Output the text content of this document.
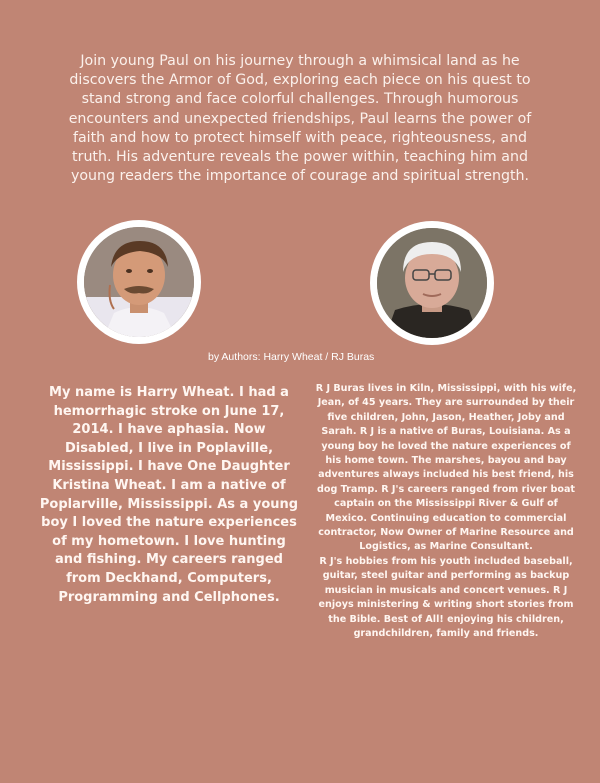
Join young Paul on his journey through a whimsical land as he discovers the Armor of God, exploring each piece on his quest to stand strong and face colorful challenges. Through humorous encounters and unexpected friendships, Paul learns the power of faith and how to protect himself with peace, righteousness, and truth. His adventure reveals the power within, teaching him and young readers the importance of courage and spiritual strength.
by Authors: Harry Wheat / RJ Buras
My name is Harry Wheat. I had a hemorrhagic stroke on June 17, 2014. I have aphasia. Now Disabled, I live in Poplaville, Mississippi. I have One Daughter Kristina Wheat. I am a native of Poplarville, Mississippi. As a young boy I loved the nature experiences of my hometown. I love hunting and fishing. My careers ranged from Deckhand, Computers, Programming and Cellphones.

R J Buras lives in Kiln, Mississippi, with his wife, Jean, of 45 years. They are surrounded by their five children, John, Jason, Heather, Joby and Sarah. R J is a native of Buras, Louisiana. As a young boy he loved the nature experiences of his home town. The marshes, bayou and bay adventures always included his best friend, his dog Tramp. R J's careers ranged from river boat captain on the Mississippi River & Gulf of Mexico. Continuing education to commercial contractor, Now Owner of Marine Resource and Logistics, as Marine Consultant.

R J's hobbies from his youth included baseball, guitar, steel guitar and performing as backup musician in musicals and concert venues. R J enjoys ministering & writing short stories from the Bible. Best of All! enjoying his children, grandchildren, family and friends.
